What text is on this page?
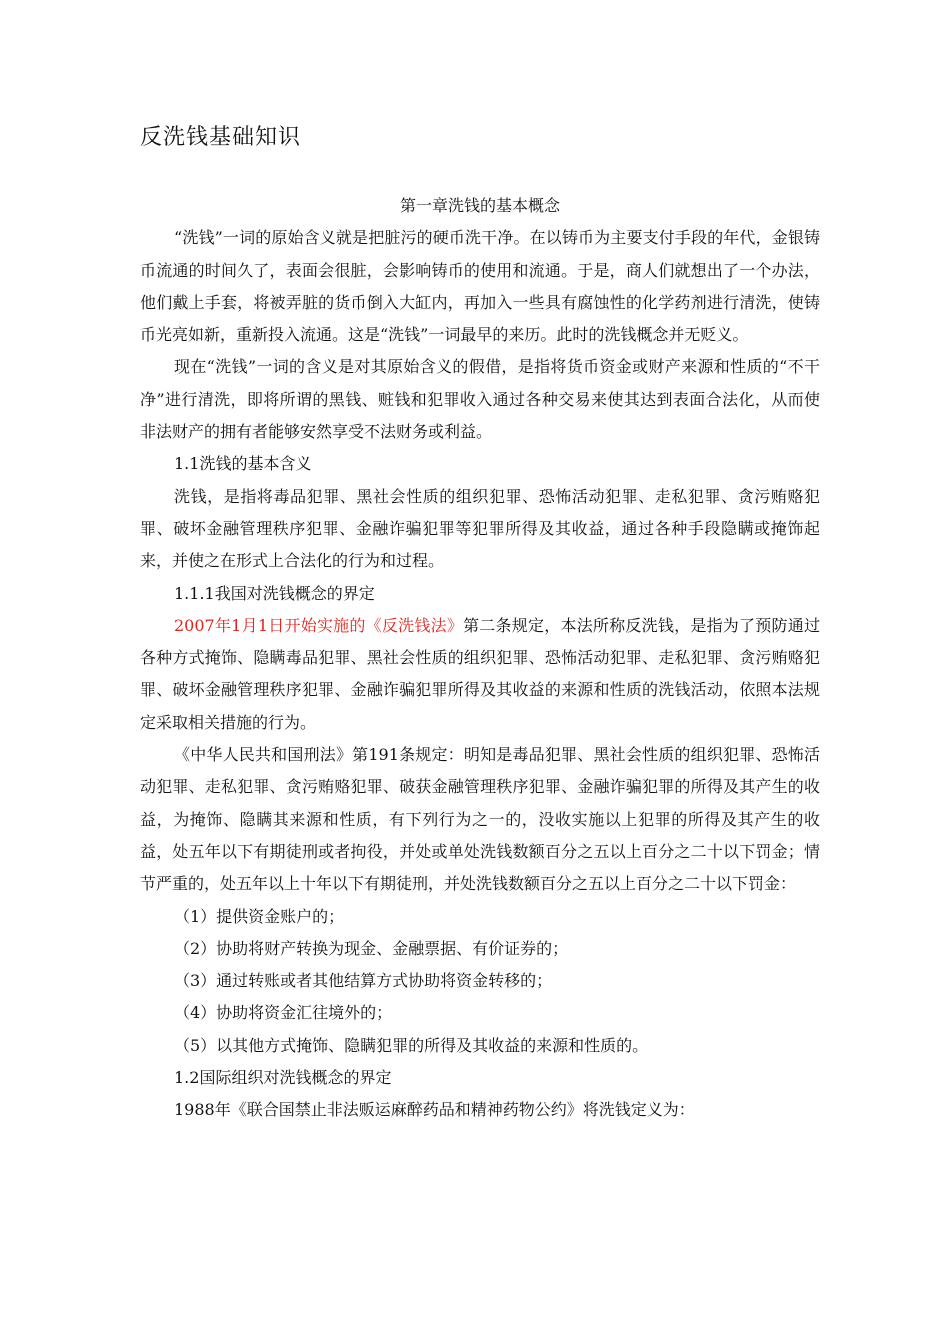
反洗钱基础知识

第一章洗钱的基本概念

“洗钱”一词的原始含义就是把脏污的硬币洗干净。在以铸币为主要支付手段的年代，金银铸币流通的时间久了，表面会很脏，会影响铸币的使用和流通。于是，商人们就想出了一个办法，他们戴上手套，将被弄脏的货币倒入大缸内，再加入一些具有腐蚀性的化学药剂进行清洗，使铸币光亮如新，重新投入流通。这是“洗钱”一词最早的来历。此时的洗钱概念并无贬义。

现在“洗钱”一词的含义是对其原始含义的假借，是指将货币资金或财产来源和性质的“不干净”进行清洗，即将所谓的黑钱、赃钱和犯罪收入通过各种交易来使其达到表面合法化，从而使非法财产的拥有者能够安然享受不法财务或利益。

1.1洗钱的基本含义

洗钱，是指将毒品犯罪、黑社会性质的组织犯罪、恐怖活动犯罪、走私犯罪、贪污贿赂犯罪、破坏金融管理秩序犯罪、金融诈骗犯罪等犯罪所得及其收益，通过各种手段隐瞒或掩饰起来，并使之在形式上合法化的行为和过程。

1.1.1我国对洗钱概念的界定

2007年1月1日开始实施的《反洗钱法》第二条规定，本法所称反洗钱，是指为了预防通过各种方式掩饰、隐瞒毒品犯罪、黑社会性质的组织犯罪、恐怖活动犯罪、走私犯罪、贪污贿赂犯罪、破坏金融管理秩序犯罪、金融诈骗犯罪所得及其收益的来源和性质的洗钱活动，依照本法规定采取相关措施的行为。

《中华人民共和国刑法》第191条规定：明知是毒品犯罪、黑社会性质的组织犯罪、恐怖活动犯罪、走私犯罪、贪污贿赂犯罪、破获金融管理秩序犯罪、金融诈骗犯罪的所得及其产生的收益，为掩饰、隐瞒其来源和性质，有下列行为之一的，没收实施以上犯罪的所得及其产生的收益，处五年以下有期徒刑或者拘役，并处或单处洗钱数额百分之五以上百分之二十以下罚金；情节严重的，处五年以上十年以下有期徒刑，并处洗钱数额百分之五以上百分之二十以下罚金：

（1）提供资金账户的；

（2）协助将财产转换为现金、金融票据、有价证券的；

（3）通过转账或者其他结算方式协助将资金转移的；

（4）协助将资金汇往境外的；

（5）以其他方式掩饰、隐瞒犯罪的所得及其收益的来源和性质的。

1.2国际组织对洗钱概念的界定

1988年《联合国禁止非法贩运麻醉药品和精神药物公约》将洗钱定义为：
